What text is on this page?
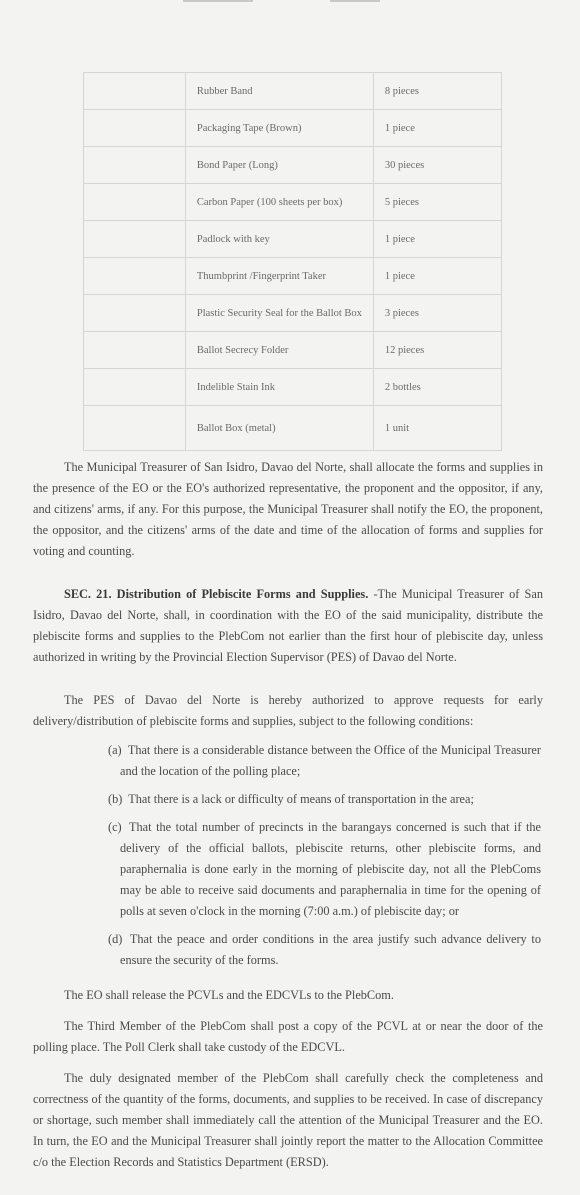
	Rubber Band	8 pieces
	Packaging Tape (Brown)	1 piece
	Bond Paper (Long)	30 pieces
	Carbon Paper (100 sheets per box)	5 pieces
	Padlock with key	1 piece
	Thumbprint /Fingerprint Taker	1 piece
	Plastic Security Seal for the Ballot Box	3 pieces
	Ballot Secrecy Folder	12 pieces
	Indelible Stain Ink	2 bottles
	Ballot Box (metal)	1 unit

The Municipal Treasurer of San Isidro, Davao del Norte, shall allocate the forms and supplies in the presence of the EO or the EO's authorized representative, the proponent and the oppositor, if any, and citizens' arms, if any. For this purpose, the Municipal Treasurer shall notify the EO, the proponent, the oppositor, and the citizens' arms of the date and time of the allocation of forms and supplies for voting and counting.

SEC. 21. Distribution of Plebiscite Forms and Supplies. -The Municipal Treasurer of San Isidro, Davao del Norte, shall, in coordination with the EO of the said municipality, distribute the plebiscite forms and supplies to the PlebCom not earlier than the first hour of plebiscite day, unless authorized in writing by the Provincial Election Supervisor (PES) of Davao del Norte.

The PES of Davao del Norte is hereby authorized to approve requests for early delivery/distribution of plebiscite forms and supplies, subject to the following conditions:

(a) That there is a considerable distance between the Office of the Municipal Treasurer and the location of the polling place;
(b) That there is a lack or difficulty of means of transportation in the area;
(c) That the total number of precincts in the barangays concerned is such that if the delivery of the official ballots, plebiscite returns, other plebiscite forms, and paraphernalia is done early in the morning of plebiscite day, not all the PlebComs may be able to receive said documents and paraphernalia in time for the opening of polls at seven o'clock in the morning (7:00 a.m.) of plebiscite day; or
(d) That the peace and order conditions in the area justify such advance delivery to ensure the security of the forms.

The EO shall release the PCVLs and the EDCVLs to the PlebCom.

The Third Member of the PlebCom shall post a copy of the PCVL at or near the door of the polling place. The Poll Clerk shall take custody of the EDCVL.

The duly designated member of the PlebCom shall carefully check the completeness and correctness of the quantity of the forms, documents, and supplies to be received. In case of discrepancy or shortage, such member shall immediately call the attention of the Municipal Treasurer and the EO. In turn, the EO and the Municipal Treasurer shall jointly report the matter to the Allocation Committee c/o the Election Records and Statistics Department (ERSD).
